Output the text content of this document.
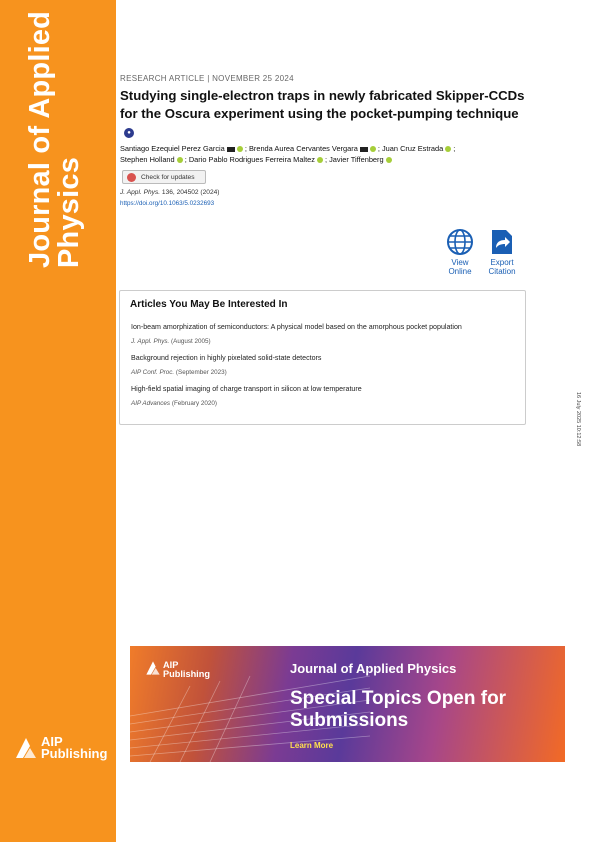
Journal of Applied Physics
AIP Publishing
RESEARCH ARTICLE | NOVEMBER 25 2024
Studying single-electron traps in newly fabricated Skipper-CCDs for the Oscura experiment using the pocket-pumping technique●
Santiago Ezequiel Perez Garcia ; Brenda Aurea Cervantes Vergara ; Juan Cruz Estrada ;
Stephen Holland ; Dario Pablo Rodrigues Ferreira Maltez ; Javier Tiffenberg
Check for updates
J. Appl. Phys. 136, 204502 (2024)
https://doi.org/10.1063/5.0232693
View
Online
Export
Citation
Articles You May Be Interested In
Ion-beam amorphization of semiconductors: A physical model based on the amorphous pocket population
J. Appl. Phys. (August 2005)
Background rejection in highly pixelated solid-state detectors
AIP Conf. Proc. (September 2023)
High-field spatial imaging of charge transport in silicon at low temperature
AIP Advances (February 2020)	16 July 2025 10:12:58
AIP Publishing	Journal of Applied Physics
Special Topics Open for Submissions
Learn More
